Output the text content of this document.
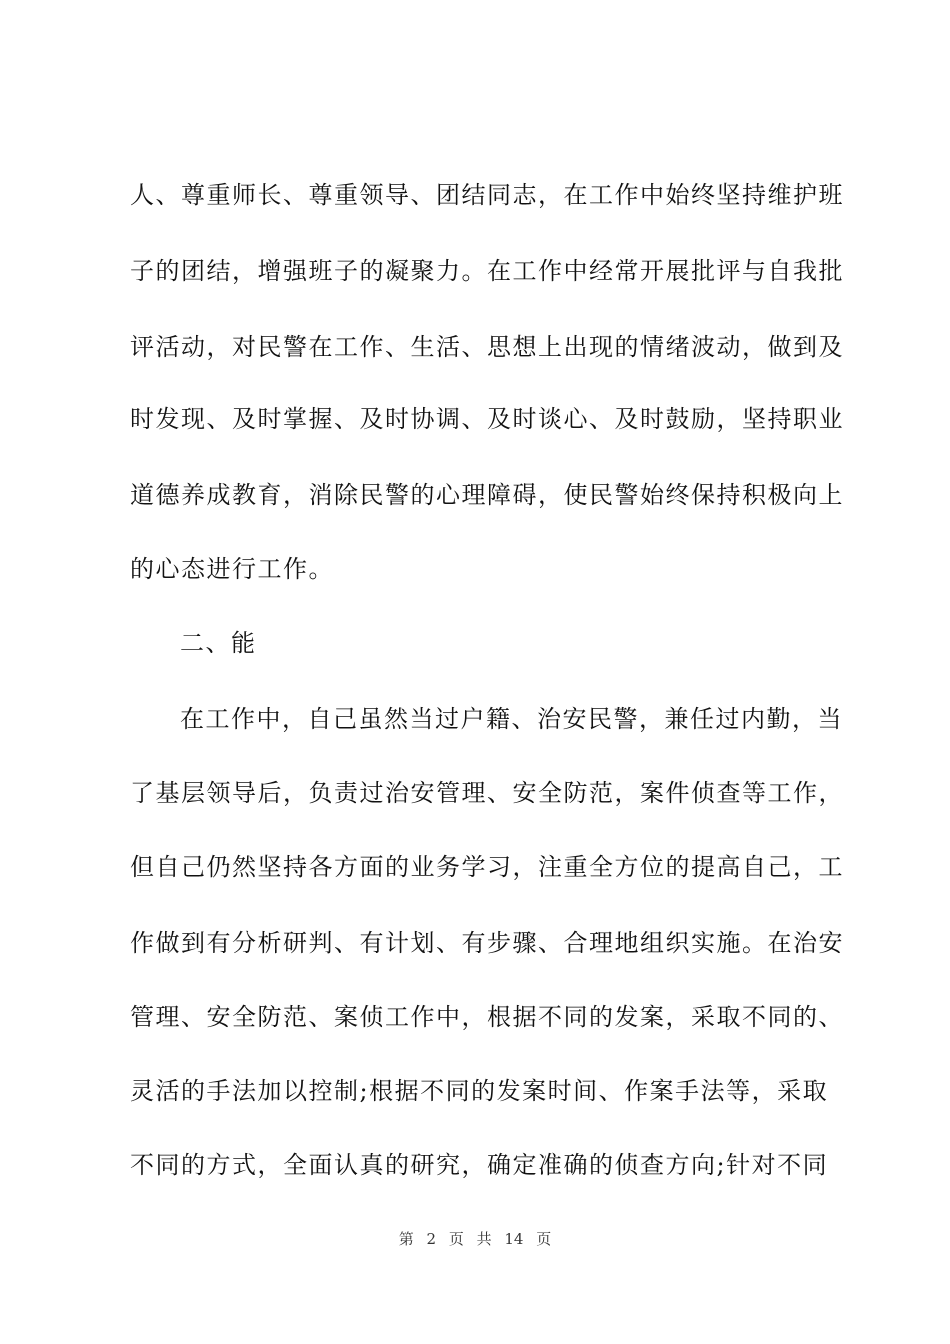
人、尊重师长、尊重领导、团结同志，在工作中始终坚持维护班
子的团结，增强班子的凝聚力。在工作中经常开展批评与自我批
评活动，对民警在工作、生活、思想上出现的情绪波动，做到及
时发现、及时掌握、及时协调、及时谈心、及时鼓励，坚持职业
道德养成教育，消除民警的心理障碍，使民警始终保持积极向上
的心态进行工作。
二、能
在工作中，自己虽然当过户籍、治安民警，兼任过内勤，当
了基层领导后，负责过治安管理、安全防范，案件侦查等工作，
但自己仍然坚持各方面的业务学习，注重全方位的提高自己，工
作做到有分析研判、有计划、有步骤、合理地组织实施。在治安
管理、安全防范、案侦工作中，根据不同的发案，采取不同的、
灵活的手法加以控制;根据不同的发案时间、作案手法等，采取
不同的方式，全面认真的研究，确定准确的侦查方向;针对不同
第 2 页 共 14 页
